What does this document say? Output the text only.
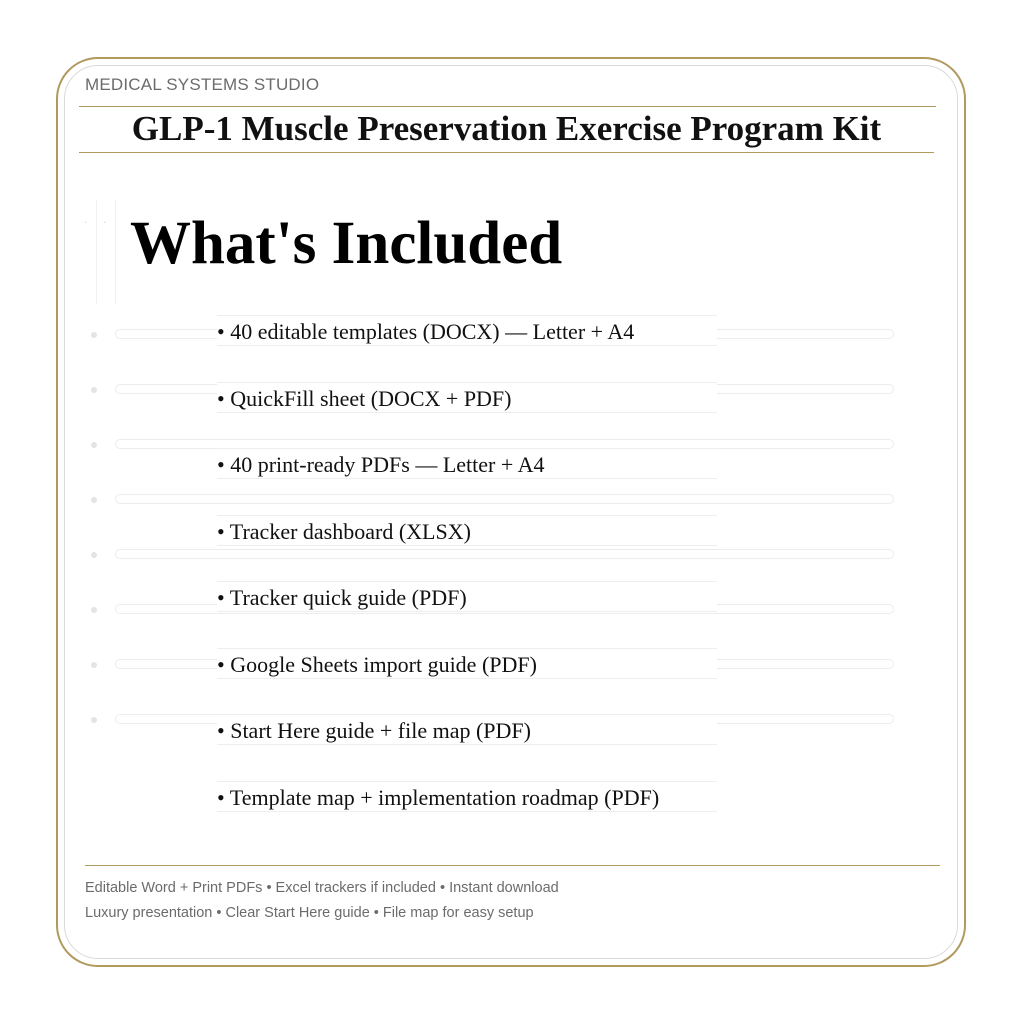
MEDICAL SYSTEMS STUDIO
GLP-1 Muscle Preservation Exercise Program Kit
·· What's Included
• 40 editable templates (DOCX) — Letter + A4
• QuickFill sheet (DOCX + PDF)
• 40 print-ready PDFs — Letter + A4
• Tracker dashboard (XLSX)
• Tracker quick guide (PDF)
• Google Sheets import guide (PDF)
• Start Here guide + file map (PDF)
• Template map + implementation roadmap (PDF)
Editable Word + Print PDFs • Excel trackers if included • Instant download
Luxury presentation • Clear Start Here guide • File map for easy setup
